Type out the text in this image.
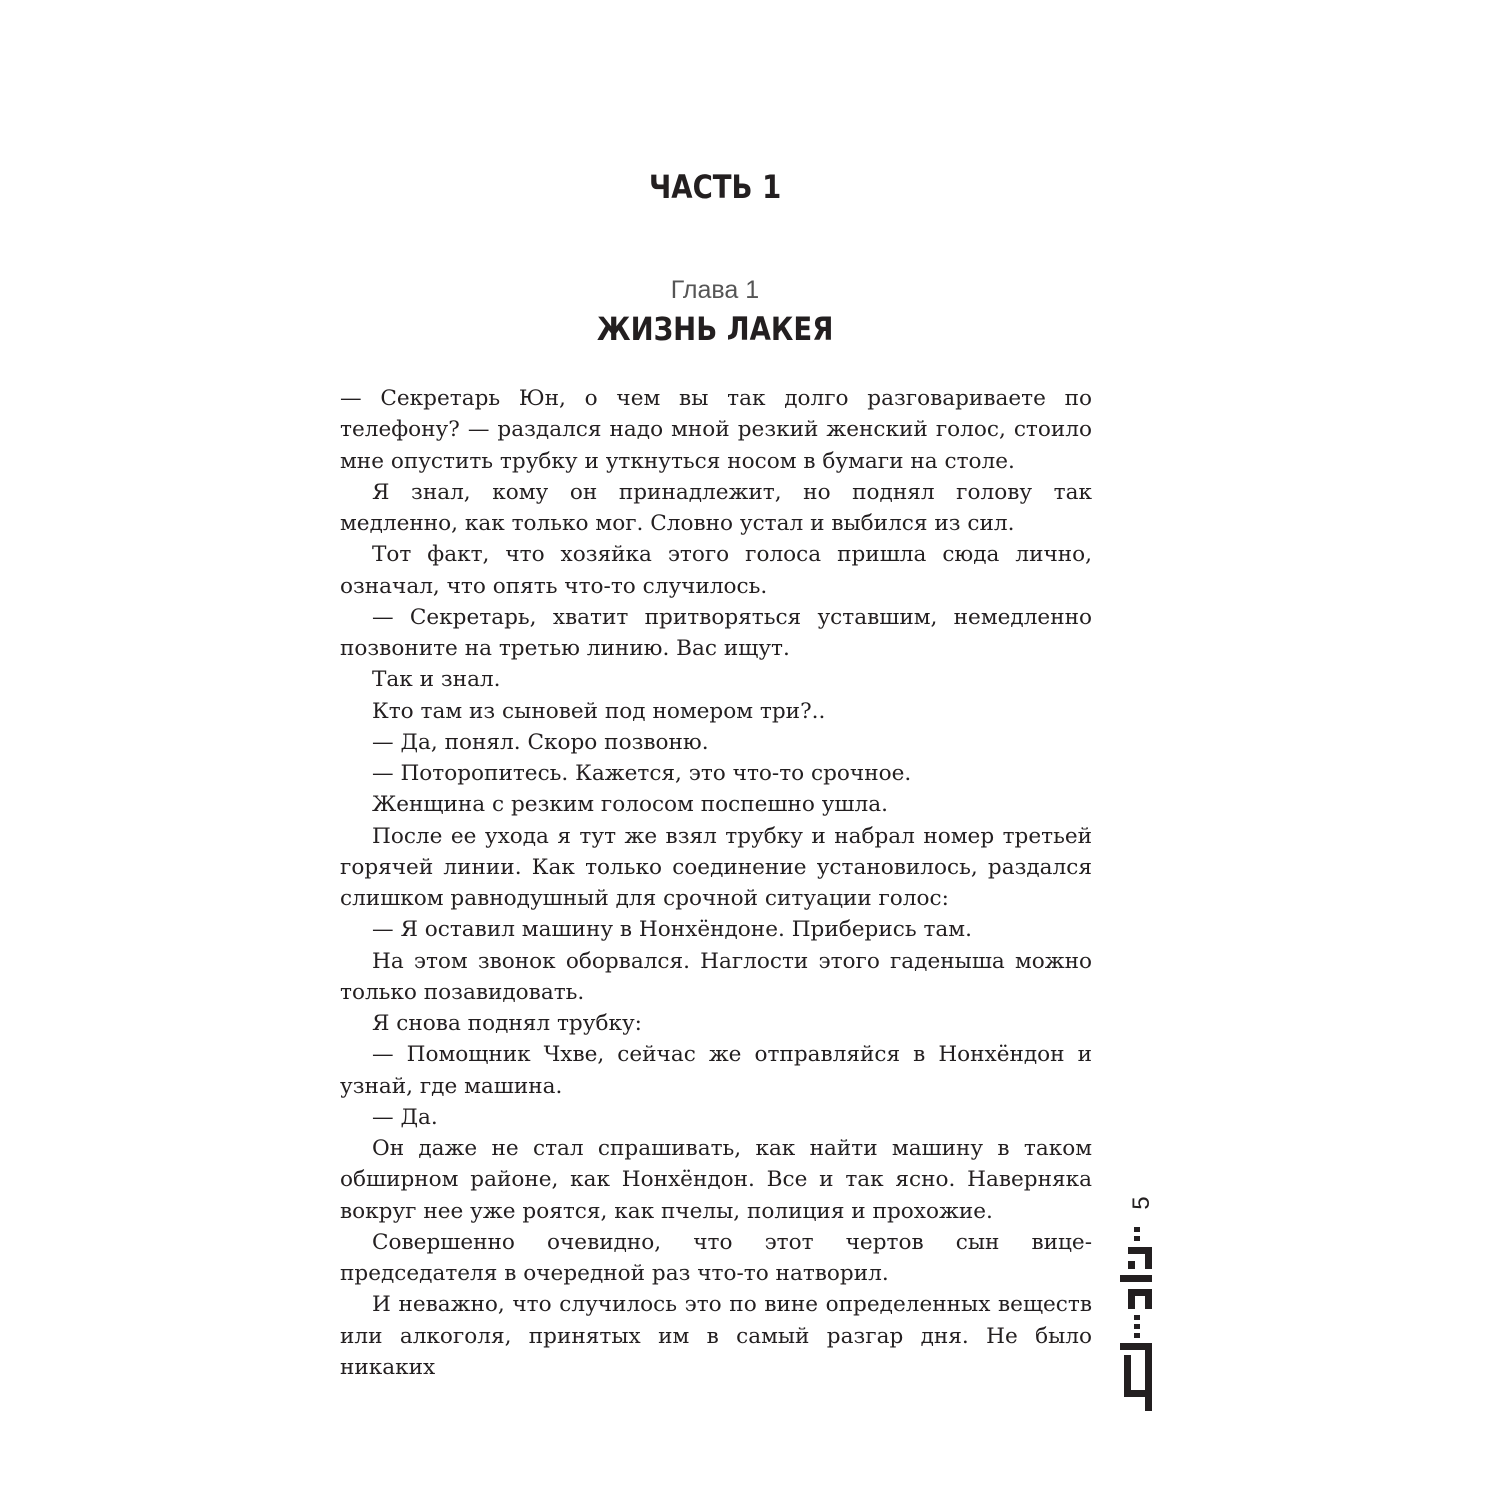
ЧАСТЬ 1
Глава 1
ЖИЗНЬ ЛАКЕЯ

— Секретарь Юн, о чем вы так долго разговариваете по телефону? — раздался надо мной резкий женский голос, стоило мне опустить трубку и уткнуться носом в бумаги на столе.

Я знал, кому он принадлежит, но поднял голову так медленно, как только мог. Словно устал и выбился из сил.

Тот факт, что хозяйка этого голоса пришла сюда лично, означал, что опять что-то случилось.

— Секретарь, хватит притворяться уставшим, немедленно позвоните на третью линию. Вас ищут.

Так и знал.

Кто там из сыновей под номером три?..

— Да, понял. Скоро позвоню.

— Поторопитесь. Кажется, это что-то срочное.

Женщина с резким голосом поспешно ушла.

После ее ухода я тут же взял трубку и набрал номер третьей горячей линии. Как только соединение установилось, раздался слишком равнодушный для срочной ситуации голос:

— Я оставил машину в Нонхёндоне. Приберись там.

На этом звонок оборвался. Наглости этого гаденыша можно только позавидовать.

Я снова поднял трубку:

— Помощник Чхве, сейчас же отправляйся в Нонхёндон и узнай, где машина.

— Да.

Он даже не стал спрашивать, как найти машину в таком обширном районе, как Нонхёндон. Все и так ясно. Наверняка вокруг нее уже роятся, как пчелы, полиция и прохожие.

Совершенно очевидно, что этот чертов сын вице-председателя в очередной раз что-то натворил.

И неважно, что случилось это по вине определенных веществ или алкоголя, принятых им в самый разгар дня. Не было никаких

5
